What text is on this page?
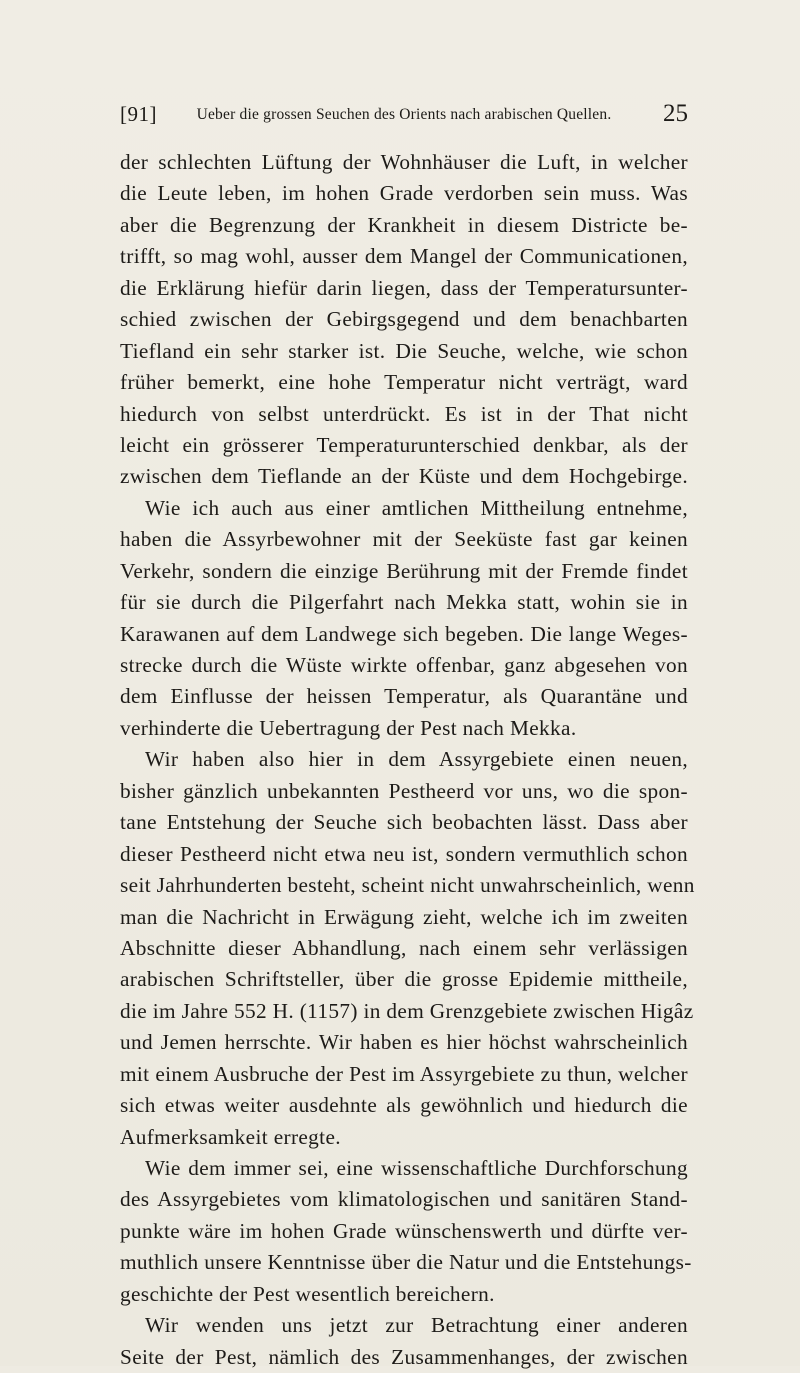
[91]	Ueber die grossen Seuchen des Orients nach arabischen Quellen.	25
der schlechten Lüftung der Wohnhäuser die Luft, in welcher
die Leute leben, im hohen Grade verdorben sein muss. Was
aber die Begrenzung der Krankheit in diesem Districte be-
trifft, so mag wohl, ausser dem Mangel der Communicationen,
die Erklärung hiefür darin liegen, dass der Temperatursunter-
schied zwischen der Gebirgsgegend und dem benachbarten
Tiefland ein sehr starker ist. Die Seuche, welche, wie schon
früher bemerkt, eine hohe Temperatur nicht verträgt, ward
hiedurch von selbst unterdrückt. Es ist in der That nicht
leicht ein grösserer Temperaturunterschied denkbar, als der
zwischen dem Tieflande an der Küste und dem Hochgebirge.
Wie ich auch aus einer amtlichen Mittheilung entnehme,
haben die Assyrbewohner mit der Seeküste fast gar keinen
Verkehr, sondern die einzige Berührung mit der Fremde findet
für sie durch die Pilgerfahrt nach Mekka statt, wohin sie in
Karawanen auf dem Landwege sich begeben. Die lange Weges-
strecke durch die Wüste wirkte offenbar, ganz abgesehen von
dem Einflusse der heissen Temperatur, als Quarantäne und
verhinderte die Uebertragung der Pest nach Mekka.
Wir haben also hier in dem Assyrgebiete einen neuen,
bisher gänzlich unbekannten Pestheerd vor uns, wo die spon-
tane Entstehung der Seuche sich beobachten lässt. Dass aber
dieser Pestheerd nicht etwa neu ist, sondern vermuthlich schon
seit Jahrhunderten besteht, scheint nicht unwahrscheinlich, wenn
man die Nachricht in Erwägung zieht, welche ich im zweiten
Abschnitte dieser Abhandlung, nach einem sehr verlässigen
arabischen Schriftsteller, über die grosse Epidemie mittheile,
die im Jahre 552 H. (1157) in dem Grenzgebiete zwischen Higâz
und Jemen herrschte. Wir haben es hier höchst wahrscheinlich
mit einem Ausbruche der Pest im Assyrgebiete zu thun, welcher
sich etwas weiter ausdehnte als gewöhnlich und hiedurch die
Aufmerksamkeit erregte.
Wie dem immer sei, eine wissenschaftliche Durchforschung
des Assyrgebietes vom klimatologischen und sanitären Stand-
punkte wäre im hohen Grade wünschenswerth und dürfte ver-
muthlich unsere Kenntnisse über die Natur und die Entstehungs-
geschichte der Pest wesentlich bereichern.
Wir wenden uns jetzt zur Betrachtung einer anderen
Seite der Pest, nämlich des Zusammenhanges, der zwischen
